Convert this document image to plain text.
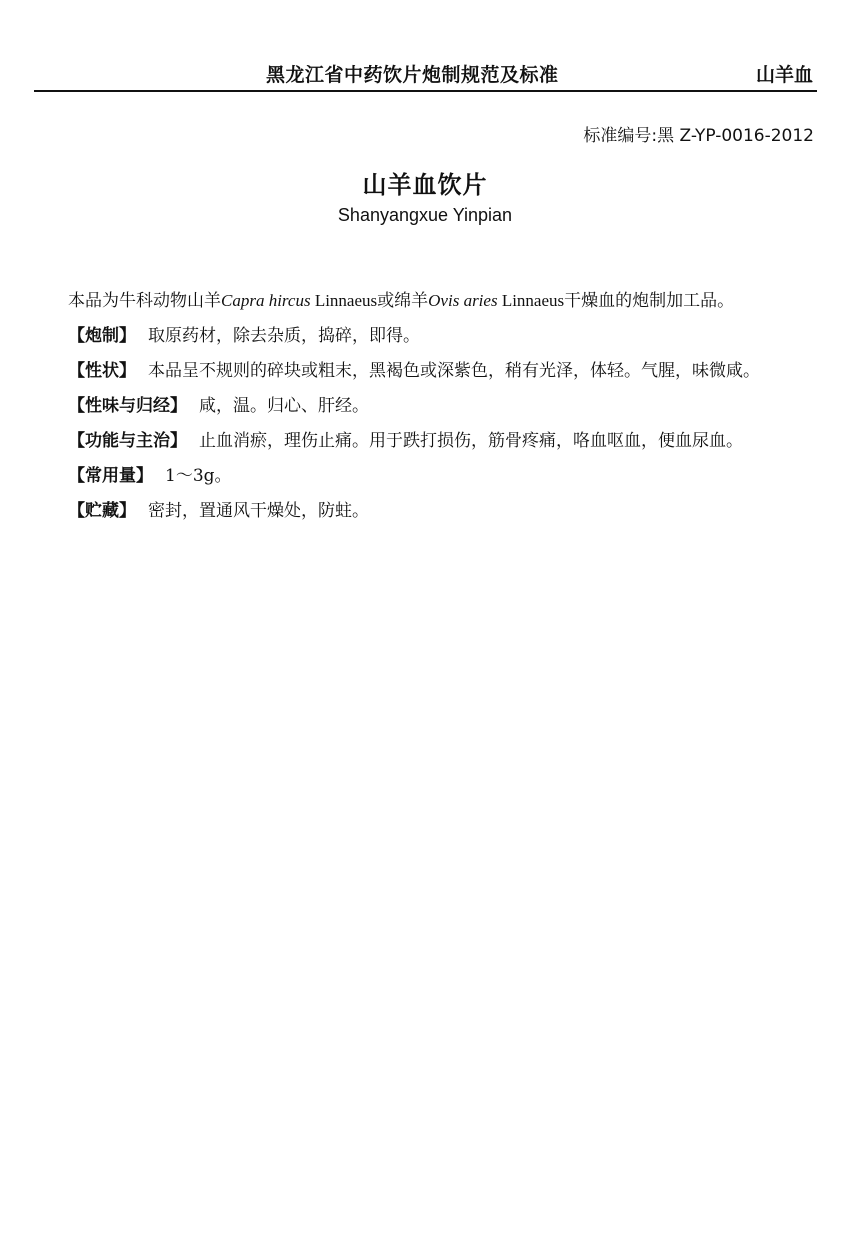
黑龙江省中药饮片炮制规范及标准	山羊血
标准编号:黑 Z-YP-0016-2012
山羊血饮片
Shanyangxue Yinpian

本品为牛科动物山羊Capra hircus Linnaeus或绵羊Ovis aries Linnaeus干燥血的炮制加工品。

【炮制】 取原药材，除去杂质，捣碎，即得。

【性状】 本品呈不规则的碎块或粗末，黑褐色或深紫色，稍有光泽，体轻。气腥，味微咸。

【性味与归经】 咸，温。归心、肝经。

【功能与主治】 止血消瘀，理伤止痛。用于跌打损伤，筋骨疼痛，咯血呕血，便血尿血。

【常用量】 1～3g。

【贮藏】 密封，置通风干燥处，防蛀。
